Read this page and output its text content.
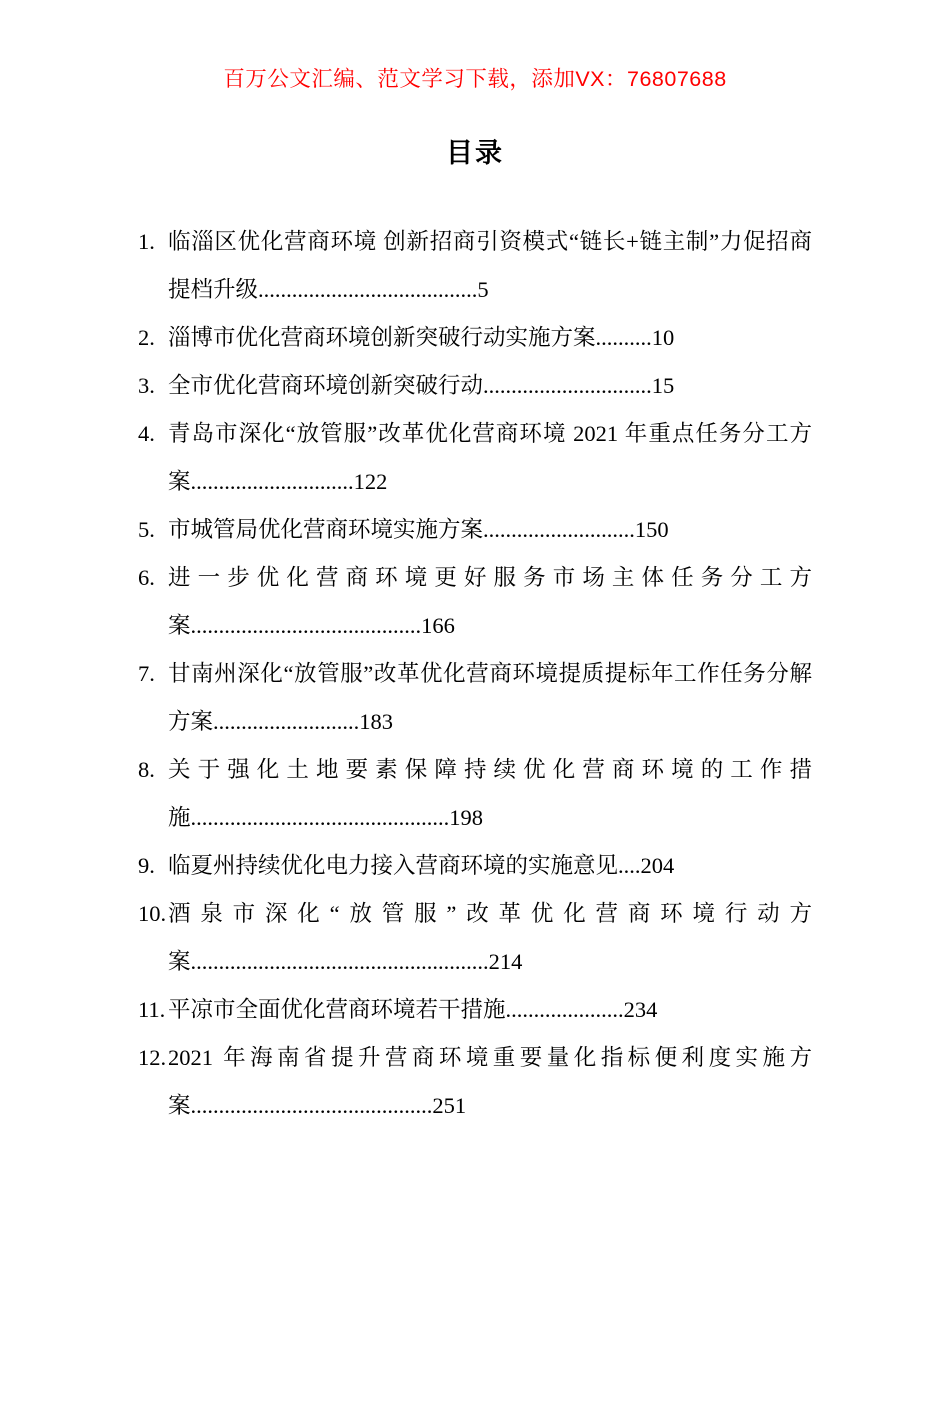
百万公文汇编、范文学习下载，添加VX：76807688
目录
1. 临淄区优化营商环境 创新招商引资模式“链长+链主制”力促招商提档升级.......................................5
2. 淄博市优化营商环境创新突破行动实施方案..........10
3. 全市优化营商环境创新突破行动..............................15
4. 青岛市深化“放管服”改革优化营商环境 2021 年重点任务分工方案.............................122
5. 市城管局优化营商环境实施方案...........................150
6. 进一步优化营商环境更好服务市场主体任务分工方案.........................................166
7. 甘南州深化“放管服”改革优化营商环境提质提标年工作任务分解方案..........................183
8. 关于强化土地要素保障持续优化营商环境的工作措施..............................................198
9. 临夏州持续优化电力接入营商环境的实施意见....204
10. 酒泉市深化“放管服”改革优化营商环境行动方案.....................................................214
11. 平凉市全面优化营商环境若干措施.....................234
12. 2021 年海南省提升营商环境重要量化指标便利度实施方案...........................................251
